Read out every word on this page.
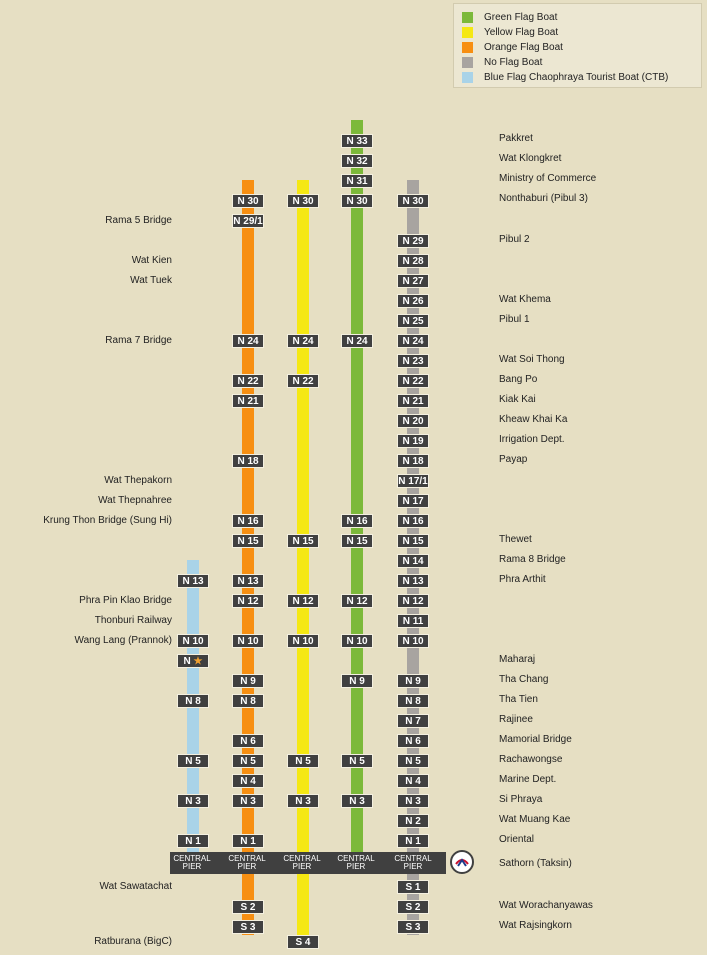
Green Flag Boat
Yellow Flag Boat
Orange Flag Boat
No Flag Boat
Blue Flag Chaophraya Tourist Boat (CTB)
N 13
N 10
N ★
N 8
N 5
N 3
N 1
N 30
N 29/1
N 24
N 22
N 21
N 18
N 16
N 15
N 13
N 12
N 10
N 9
N 8
N 6
N 5
N 4
N 3
N 1
S 2
S 3
N 30
N 24
N 22
N 15
N 12
N 10
N 5
N 3
S 4
N 33
N 32
N 31
N 30
N 24
N 16
N 15
N 12
N 10
N 9
N 5
N 3
N 30
N 29
N 28
N 27
N 26
N 25
N 24
N 23
N 22
N 21
N 20
N 19
N 18
N 17/1
N 17
N 16
N 15
N 14
N 13
N 12
N 11
N 10
N 9
N 8
N 7
N 6
N 5
N 4
N 3
N 2
N 1
S 1
S 2
S 3
Rama 5 Bridge
Wat Kien
Wat Tuek
Rama 7 Bridge
Wat Thepakorn
Wat Thepnahree
Krung Thon Bridge (Sung Hi)
Phra Pin Klao Bridge
Thonburi Railway
Wang Lang (Prannok)
Wat Sawatachat
Ratburana (BigC)
Pakkret
Wat Klongkret
Ministry of Commerce
Nonthaburi (Pibul 3)
Pibul 2
Wat Khema
Pibul 1
Wat Soi Thong
Bang Po
Kiak Kai
Kheaw Khai Ka
Irrigation Dept.
Payap
Thewet
Rama 8 Bridge
Phra Arthit
Maharaj
Tha Chang
Tha Tien
Rajinee
Mamorial Bridge
Rachawongse
Marine Dept.
Si Phraya
Wat Muang Kae
Oriental
Sathorn (Taksin)
Wat Worachanyawas
Wat Rajsingkorn
CENTRAL PIER
CENTRAL PIER
CENTRAL PIER
CENTRAL PIER
CENTRAL PIER
